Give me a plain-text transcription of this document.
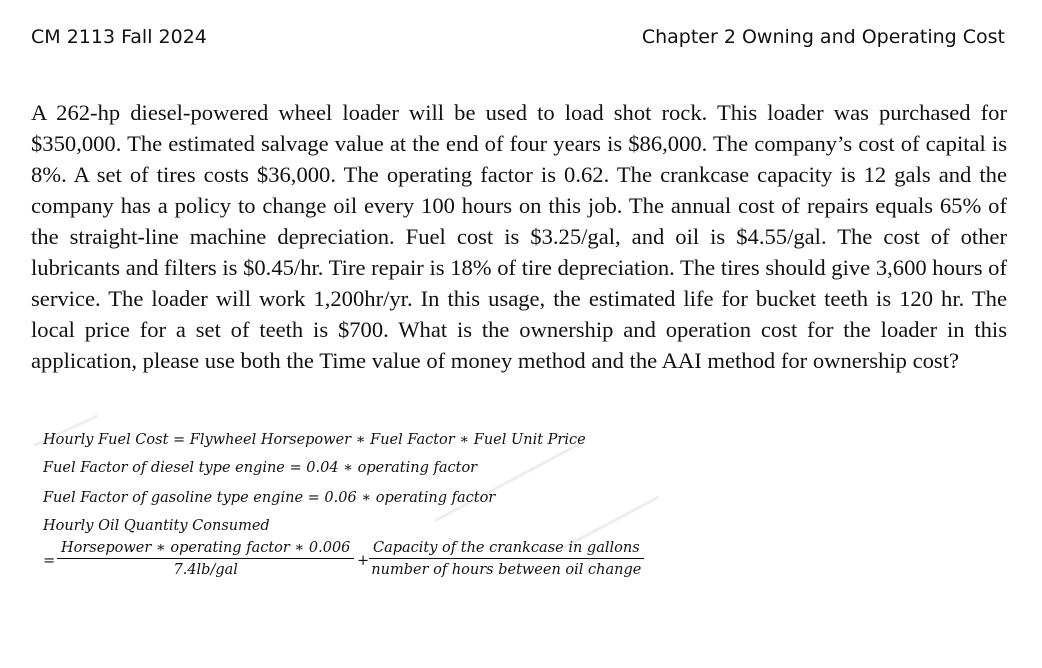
CM 2113 Fall 2024	Chapter 2 Owning and Operating Cost

A 262-hp diesel-powered wheel loader will be used to load shot rock. This loader was purchased for $350,000. The estimated salvage value at the end of four years is $86,000. The company’s cost of capital is 8%. A set of tires costs $36,000. The operating factor is 0.62. The crankcase capacity is 12 gals and the company has a policy to change oil every 100 hours on this job. The annual cost of repairs equals 65% of the straight-line machine depreciation. Fuel cost is $3.25/gal, and oil is $4.55/gal. The cost of other lubricants and filters is $0.45/hr. Tire repair is 18% of tire depreciation. The tires should give 3,600 hours of service. The loader will work 1,200hr/yr. In this usage, the estimated life for bucket teeth is 120 hr. The local price for a set of teeth is $700. What is the ownership and operation cost for the loader in this application, please use both the Time value of money method and the AAI method for ownership cost?

Hourly Fuel Cost = Flywheel Horsepower ∗ Fuel Factor ∗ Fuel Unit Price
Fuel Factor of diesel type engine = 0.04 ∗ operating factor
Fuel Factor of gasoline type engine = 0.06 ∗ operating factor
Hourly Oil Quantity Consumed
=
Horsepower ∗ operating factor ∗ 0.006
7.4lb/gal
+
Capacity of the crankcase in gallons
number of hours between oil change
